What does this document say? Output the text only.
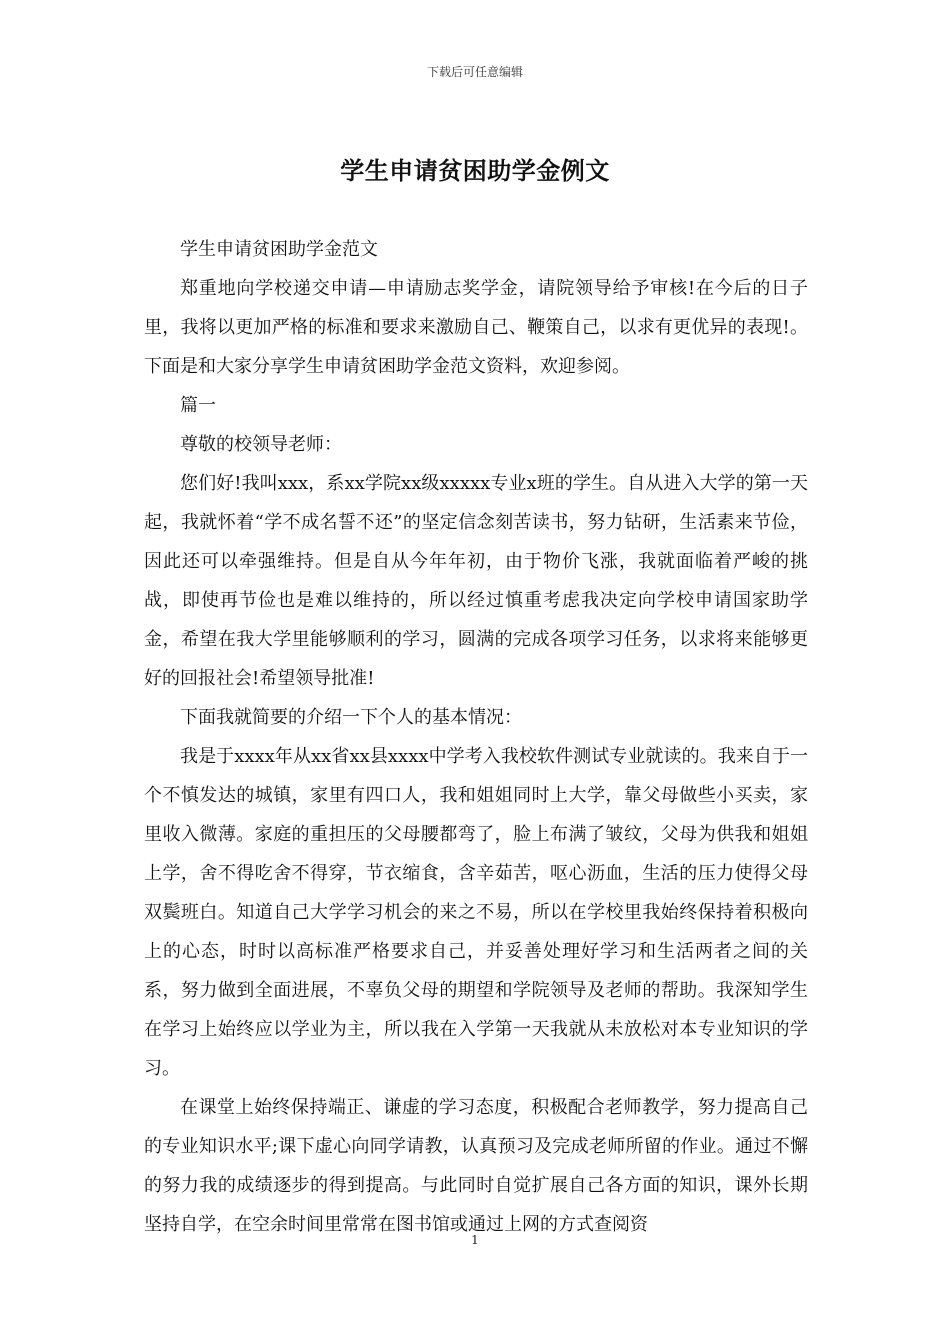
下载后可任意编辑
学生申请贫困助学金例文

学生申请贫困助学金范文

郑重地向学校递交申请—申请励志奖学金，请院领导给予审核!在今后的日子里，我将以更加严格的标准和要求来激励自己、鞭策自己，以求有更优异的表现!。下面是和大家分享学生申请贫困助学金范文资料，欢迎参阅。

篇一

尊敬的校领导老师：

您们好!我叫xxx，系xx学院xx级xxxxx专业x班的学生。自从进入大学的第一天起，我就怀着“学不成名誓不还”的坚定信念刻苦读书，努力钻研，生活素来节俭，因此还可以牵强维持。但是自从今年年初，由于物价飞涨，我就面临着严峻的挑战，即使再节俭也是难以维持的，所以经过慎重考虑我决定向学校申请国家助学金，希望在我大学里能够顺利的学习，圆满的完成各项学习任务，以求将来能够更好的回报社会!希望领导批准!

下面我就简要的介绍一下个人的基本情况：

我是于xxxx年从xx省xx县xxxx中学考入我校软件测试专业就读的。我来自于一个不慎发达的城镇，家里有四口人，我和姐姐同时上大学，靠父母做些小买卖，家里收入微薄。家庭的重担压的父母腰都弯了，脸上布满了皱纹，父母为供我和姐姐上学，舍不得吃舍不得穿，节衣缩食，含辛茹苦，呕心沥血，生活的压力使得父母双鬓班白。知道自己大学学习机会的来之不易，所以在学校里我始终保持着积极向上的心态，时时以高标准严格要求自己，并妥善处理好学习和生活两者之间的关系，努力做到全面进展，不辜负父母的期望和学院领导及老师的帮助。我深知学生在学习上始终应以学业为主，所以我在入学第一天我就从未放松对本专业知识的学习。

在课堂上始终保持端正、谦虚的学习态度，积极配合老师教学，努力提高自己的专业知识水平;课下虚心向同学请教，认真预习及完成老师所留的作业。通过不懈的努力我的成绩逐步的得到提高。与此同时自觉扩展自己各方面的知识，课外长期坚持自学，在空余时间里常常在图书馆或通过上网的方式查阅资

1
